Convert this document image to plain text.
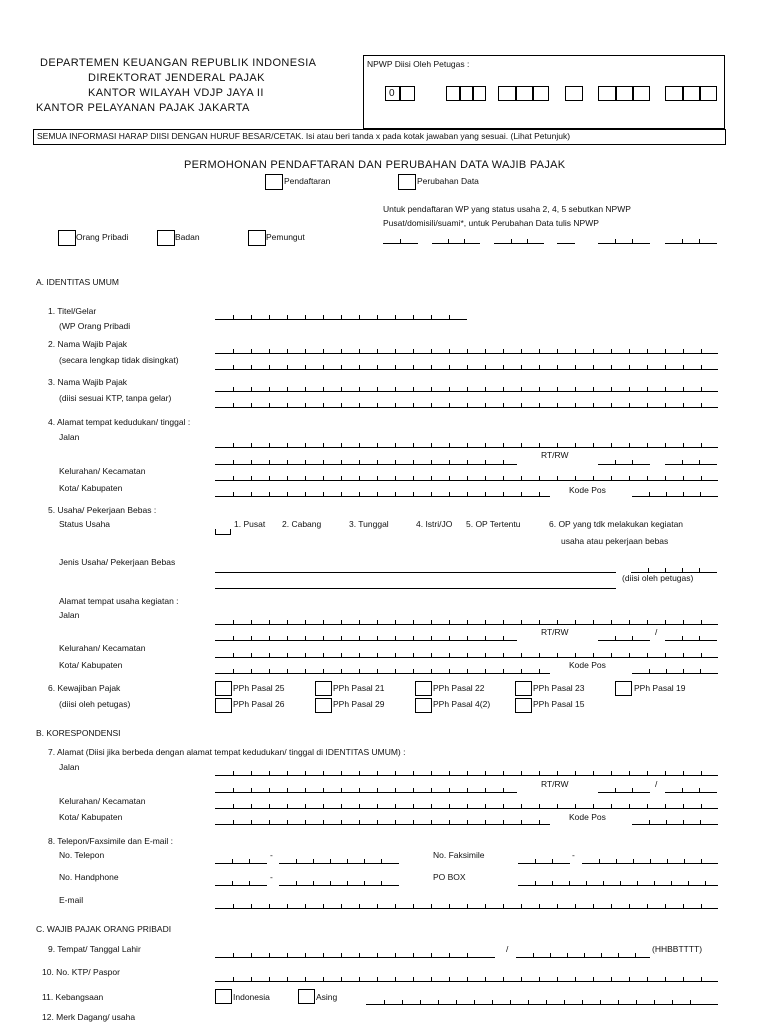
DEPARTEMEN KEUANGAN REPUBLIK INDONESIA
DIREKTORAT JENDERAL PAJAK
KANTOR WILAYAH VDJP JAYA II
KANTOR PELAYANAN PAJAK JAKARTA
NPWP Diisi Oleh Petugas :
0
SEMUA INFORMASI HARAP DIISI DENGAN HURUF BESAR/CETAK. Isi atau beri tanda x pada kotak jawaban yang sesuai. (Lihat Petunjuk)
PERMOHONAN PENDAFTARAN DAN PERUBAHAN DATA WAJIB PAJAK
Pendaftaran	Perubahan Data
Untuk pendaftaran WP yang status usaha 2, 4, 5 sebutkan NPWP
Pusat/domisili/suami*, untuk Perubahan Data tulis NPWP
Orang Pribadi	Badan	Pemungut
A. IDENTITAS UMUM
1. Titel/Gelar
(WP Orang Pribadi
2. Nama Wajib Pajak
(secara lengkap tidak disingkat)
3. Nama Wajib Pajak
(diisi sesuai KTP, tanpa gelar)
4. Alamat tempat kedudukan/ tinggal :
Jalan
RT/RW
Kelurahan/ Kecamatan
Kota/ Kabupaten	Kode Pos
5. Usaha/ Pekerjaan Bebas :
Status Usaha	1. Pusat 2. Cabang	3. Tunggal	4. Istri/JO 5. OP Tertentu	6. OP yang tdk melakukan kegiatan
usaha atau pekerjaan bebas
Jenis Usaha/ Pekerjaan Bebas
(diisi oleh petugas)
Alamat tempat usaha kegiatan :
Jalan
RT/RW	/
Kelurahan/ Kecamatan
Kota/ Kabupaten	Kode Pos
6. Kewajiban Pajak
(diisi oleh petugas)
PPh Pasal 25	PPh Pasal 21	PPh Pasal 22	PPh Pasal 23	PPh Pasal 19
PPh Pasal 26	PPh Pasal 29	PPh Pasal 4(2)	PPh Pasal 15
B. KORESPONDENSI
7. Alamat (Diisi jika berbeda dengan alamat tempat kedudukan/ tinggal di IDENTITAS UMUM) :
Jalan
RT/RW	/
Kelurahan/ Kecamatan
Kota/ Kabupaten	Kode Pos
8. Telepon/Faxsimile dan E-mail :
No. Telepon	-	No. Faksimile	-
No. Handphone	-	PO BOX
E-mail
C. WAJIB PAJAK ORANG PRIBADI
9. Tempat/ Tanggal Lahir	/	(HHBBTTTT)
10. No. KTP/ Paspor
11. Kebangsaan	Indonesia	Asing
12. Merk Dagang/ usaha
